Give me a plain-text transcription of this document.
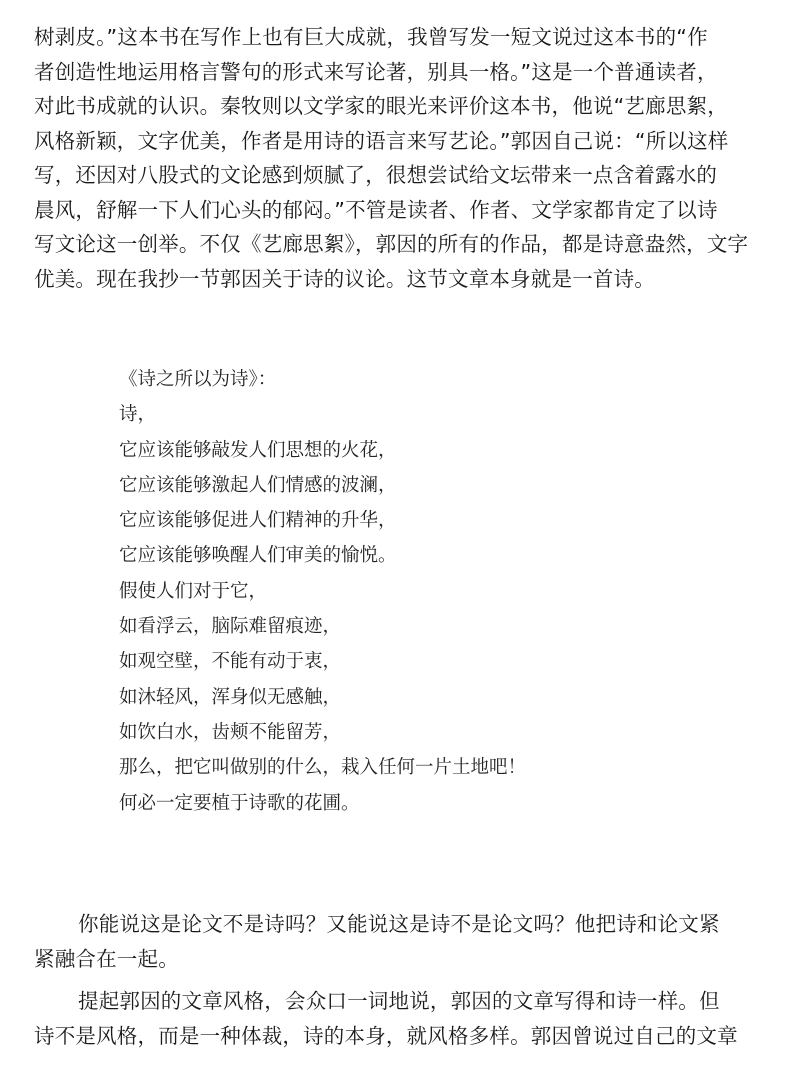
树剥皮。”这本书在写作上也有巨大成就，我曾写发一短文说过这本书的“作
者创造性地运用格言警句的形式来写论著，别具一格。”这是一个普通读者，
对此书成就的认识。秦牧则以文学家的眼光来评价这本书，他说“艺廊思絮，
风格新颖，文字优美，作者是用诗的语言来写艺论。”郭因自己说：“所以这样
写，还因对八股式的文论感到烦腻了，很想尝试给文坛带来一点含着露水的
晨风，舒解一下人们心头的郁闷。”不管是读者、作者、文学家都肯定了以诗
写文论这一创举。不仅《艺廊思絮》，郭因的所有的作品，都是诗意盎然，文字
优美。现在我抄一节郭因关于诗的议论。这节文章本身就是一首诗。
《诗之所以为诗》：
诗，
它应该能够敲发人们思想的火花，
它应该能够激起人们情感的波澜，
它应该能够促进人们精神的升华，
它应该能够唤醒人们审美的愉悦。
假使人们对于它，
如看浮云，脑际难留痕迹，
如观空壁，不能有动于衷，
如沐轻风，浑身似无感触，
如饮白水，齿颊不能留芳，
那么，把它叫做别的什么，栽入任何一片土地吧！
何必一定要植于诗歌的花圃。
你能说这是论文不是诗吗？又能说这是诗不是论文吗？他把诗和论文紧
紧融合在一起。
提起郭因的文章风格，会众口一词地说，郭因的文章写得和诗一样。但
诗不是风格，而是一种体裁，诗的本身，就风格多样。郭因曾说过自己的文章
